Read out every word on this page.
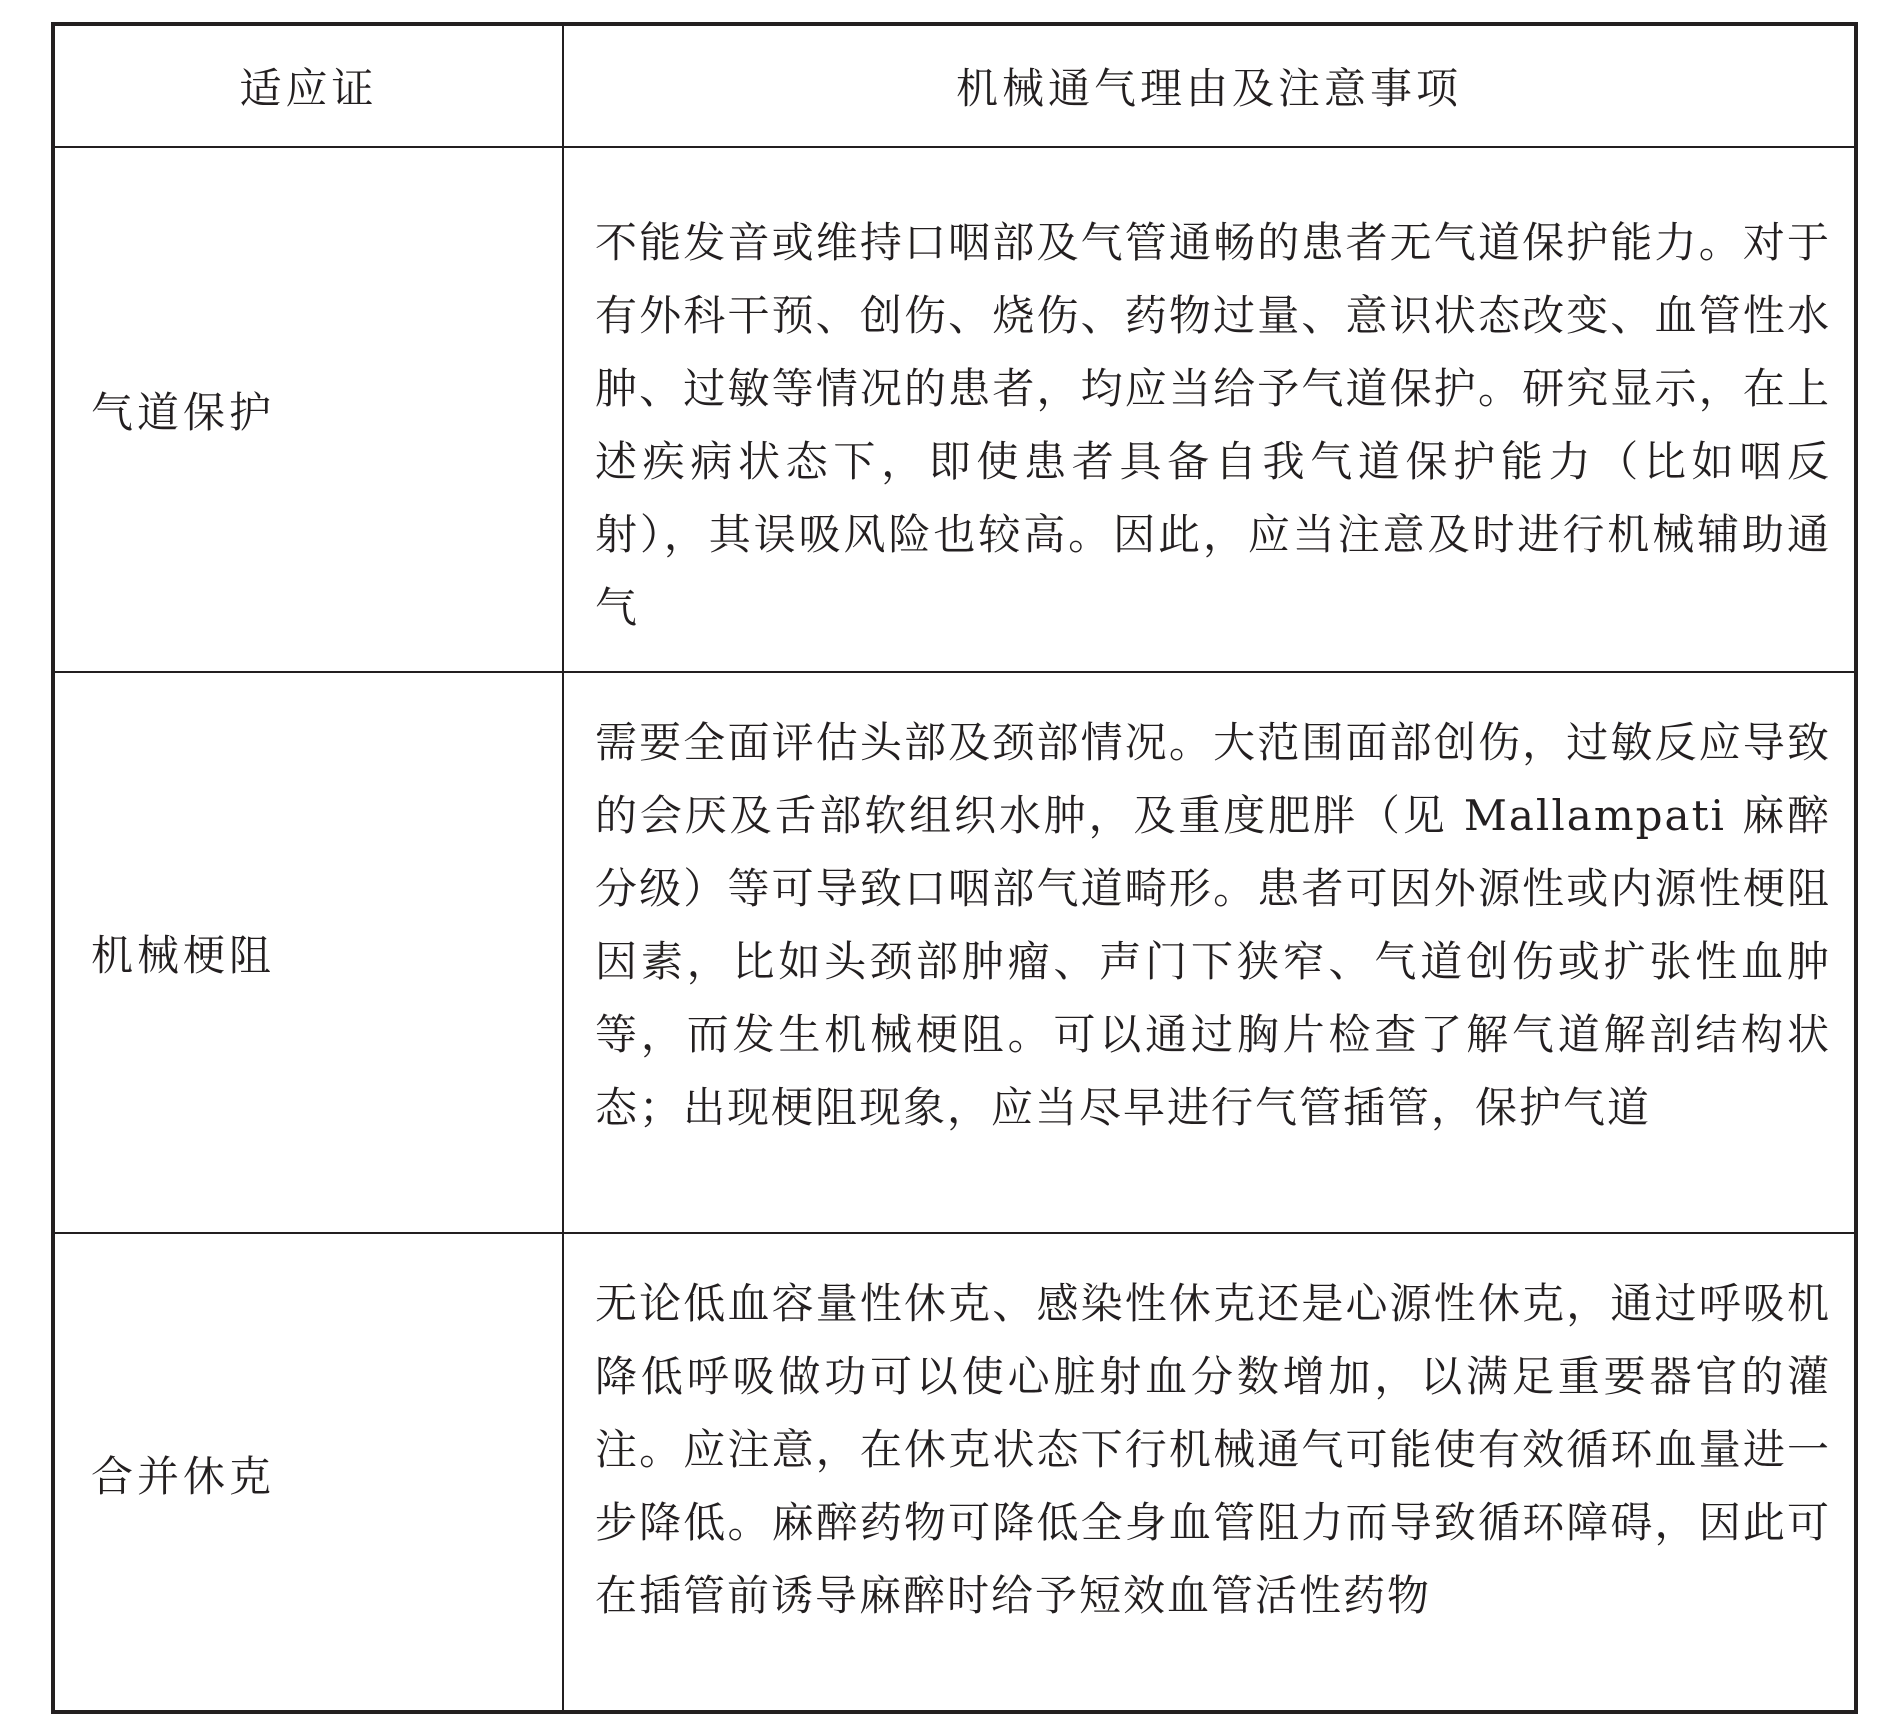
适应证	机械通气理由及注意事项
气道保护
不能发音或维持口咽部及气管通畅的患者无气道保护能力。对于有外科干预、创伤、烧伤、药物过量、意识状态改变、血管性水肿、过敏等情况的患者，均应当给予气道保护。研究显示，在上述疾病状态下，即使患者具备自我气道保护能力（比如咽反射），其误吸风险也较高。因此，应当注意及时进行机械辅助通气
机械梗阻
需要全面评估头部及颈部情况。大范围面部创伤，过敏反应导致的会厌及舌部软组织水肿，及重度肥胖（见 Mallampati 麻醉分级）等可导致口咽部气道畸形。患者可因外源性或内源性梗阻因素，比如头颈部肿瘤、声门下狭窄、气道创伤或扩张性血肿等，而发生机械梗阻。可以通过胸片检查了解气道解剖结构状态；出现梗阻现象，应当尽早进行气管插管，保护气道
合并休克
无论低血容量性休克、感染性休克还是心源性休克，通过呼吸机降低呼吸做功可以使心脏射血分数增加，以满足重要器官的灌注。应注意，在休克状态下行机械通气可能使有效循环血量进一步降低。麻醉药物可降低全身血管阻力而导致循环障碍，因此可在插管前诱导麻醉时给予短效血管活性药物
